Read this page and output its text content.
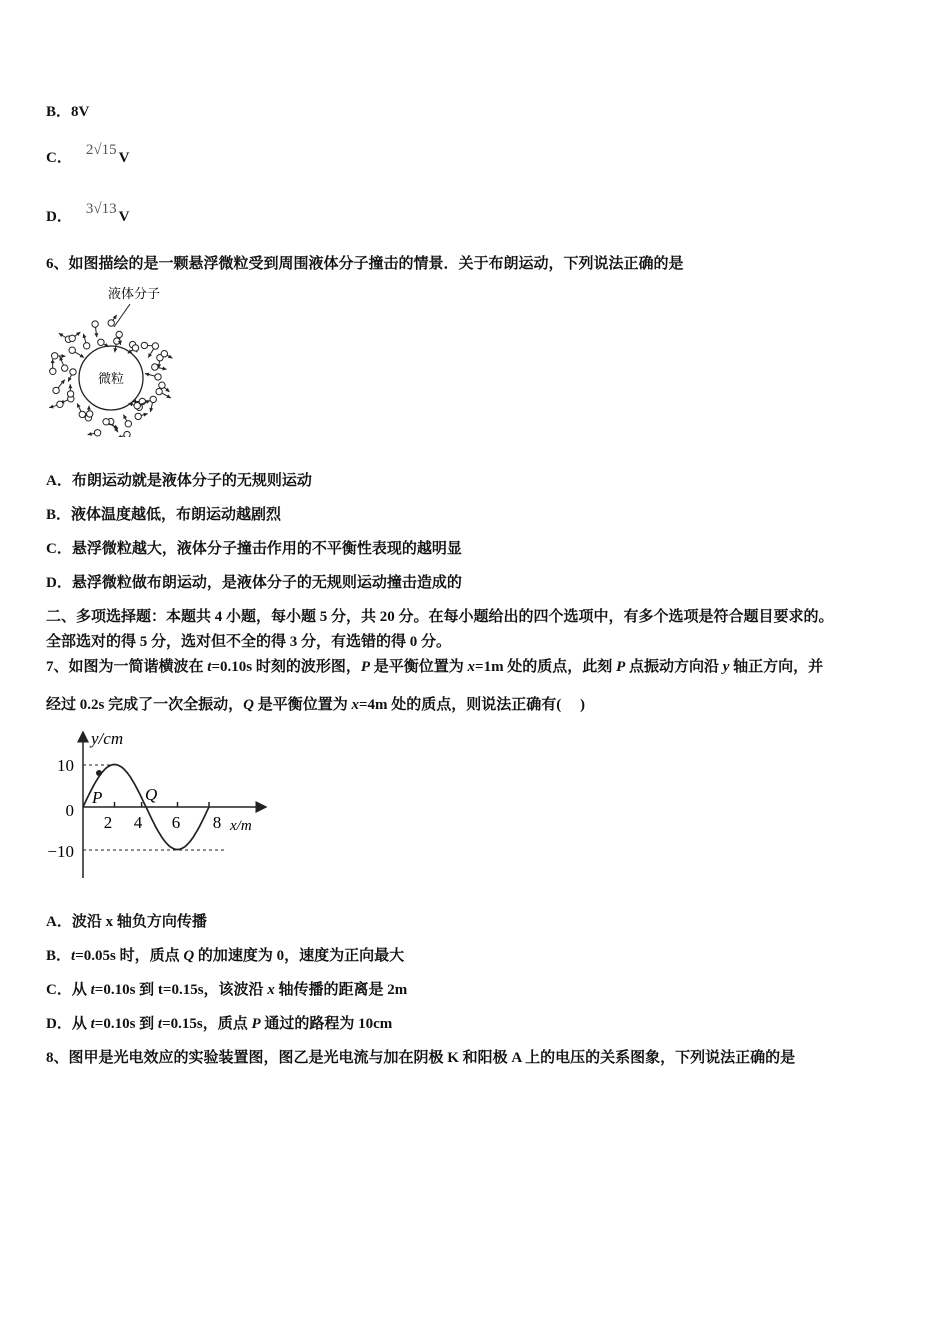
B．8V
C． 2√15 V
D． 3√13 V
6、如图描绘的是一颗悬浮微粒受到周围液体分子撞击的情景．关于布朗运动，下列说法正确的是
液体分子
微粒
A．布朗运动就是液体分子的无规则运动
B．液体温度越低，布朗运动越剧烈
C．悬浮微粒越大，液体分子撞击作用的不平衡性表现的越明显
D．悬浮微粒做布朗运动，是液体分子的无规则运动撞击造成的
二、多项选择题：本题共 4 小题，每小题 5 分，共 20 分。在每小题给出的四个选项中，有多个选项是符合题目要求的。
全部选对的得 5 分，选对但不全的得 3 分，有选错的得 0 分。
7、如图为一简谐横波在 t=0.10s 时刻的波形图，P 是平衡位置为 x=1m 处的质点，此刻 P 点振动方向沿 y 轴正方向，并
经过 0.2s 完成了一次全振动，Q 是平衡位置为 x=4m 处的质点，则说法正确有(　 )
y/cm
10
0
−10
2 4 6 8 x/m
P	Q
A．波沿 x 轴负方向传播
B．t=0.05s 时，质点 Q 的加速度为 0，速度为正向最大
C．从 t=0.10s 到 t=0.15s，该波沿 x 轴传播的距离是 2m
D．从 t=0.10s 到 t=0.15s，质点 P 通过的路程为 10cm
8、图甲是光电效应的实验装置图，图乙是光电流与加在阴极 K 和阳极 A 上的电压的关系图象，下列说法正确的是
